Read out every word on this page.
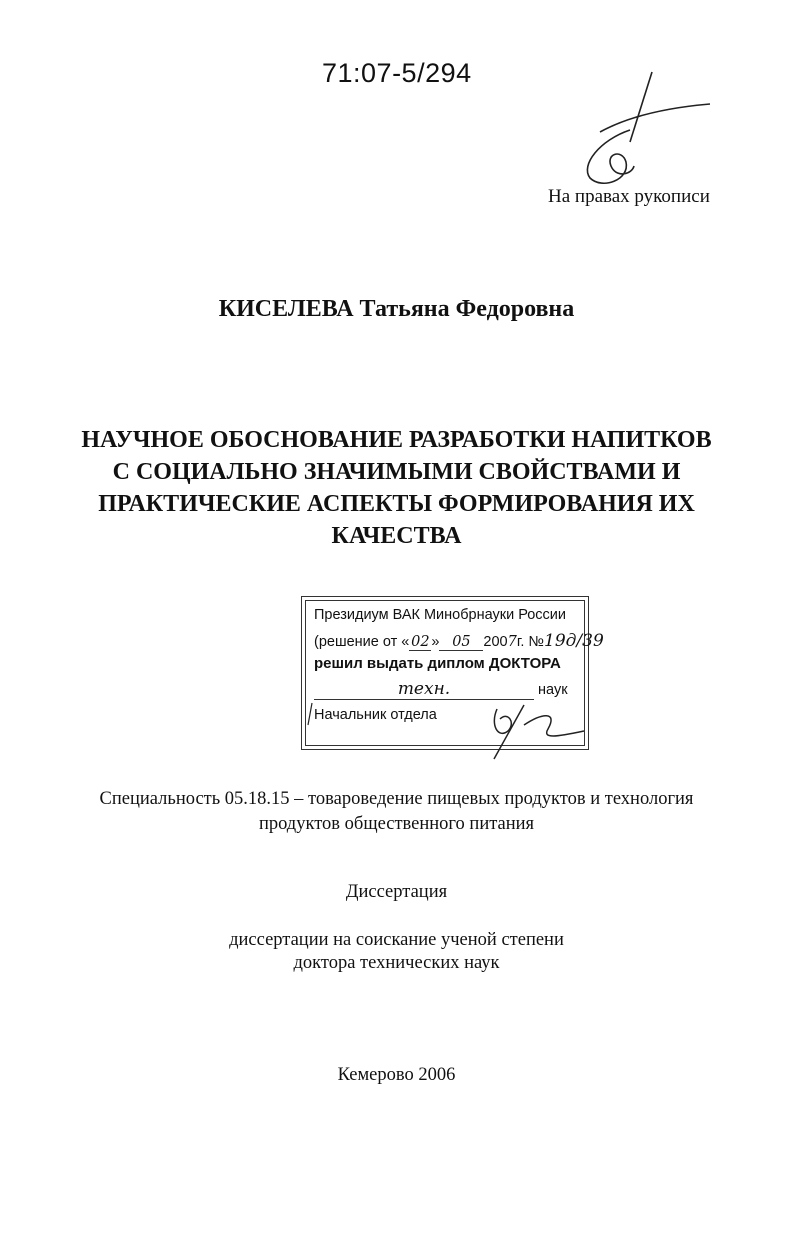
71:07-5/294
На правах рукописи
КИСЕЛЕВА Татьяна Федоровна
НАУЧНОЕ ОБОСНОВАНИЕ РАЗРАБОТКИ НАПИТКОВ
С СОЦИАЛЬНО ЗНАЧИМЫМИ СВОЙСТВАМИ И
ПРАКТИЧЕСКИЕ АСПЕКТЫ ФОРМИРОВАНИЯ ИХ
КАЧЕСТВА
Президиум ВАК Минобрнауки России
(решение от « 02 » 05 2007г. №19д/39
решил выдать диплом ДОКТОРА
техн.	наук
Начальник отдела
Специальность 05.18.15 – товароведение пищевых продуктов и технология
продуктов общественного питания
Диссертация
диссертации на соискание ученой степени
доктора технических наук
Кемерово 2006
